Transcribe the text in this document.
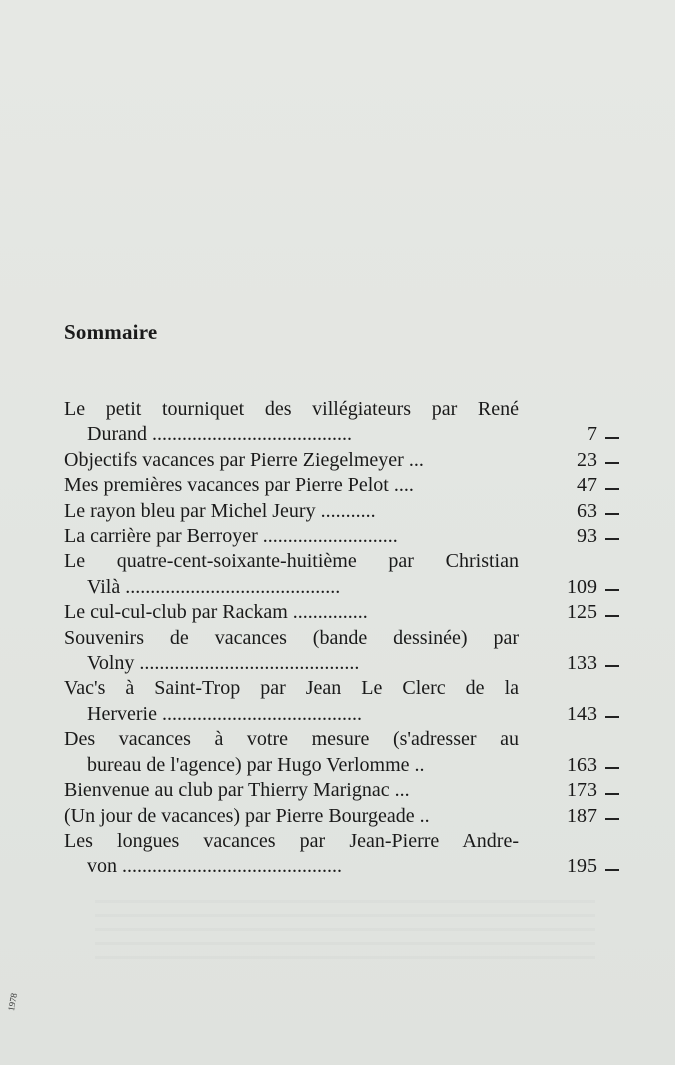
Sommaire
Le petit tourniquet des villégiateurs par René
Durand ........................................	7
Objectifs vacances par Pierre Ziegelmeyer ...	23
Mes premières vacances par Pierre Pelot ....	47
Le rayon bleu par Michel Jeury ...........	63
La carrière par Berroyer ...........................	93
Le quatre-cent-soixante-huitième par Christian
Vilà ...........................................	109
Le cul-cul-club par Rackam ...............	125
Souvenirs de vacances (bande dessinée) par
Volny ............................................	133
Vac's à Saint-Trop par Jean Le Clerc de la
Herverie ........................................	143
Des vacances à votre mesure (s'adresser au
bureau de l'agence) par Hugo Verlomme ..	163
Bienvenue au club par Thierry Marignac ...	173
(Un jour de vacances) par Pierre Bourgeade ..	187
Les longues vacances par Jean-Pierre Andre-
von ............................................	195
1978
